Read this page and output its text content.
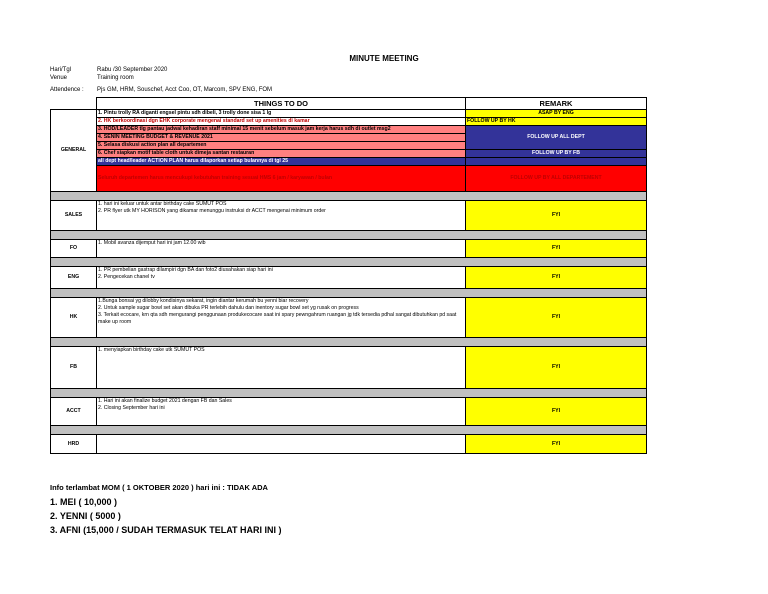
MINUTE MEETING
Hari/Tgl	Rabu /30 September 2020
Venue	Training room
Attendence : Pjs GM, HRM, Souschef, Acct Coo, OT, Marcom, SPV ENG, FOM
	THINGS TO DO	REMARK
GENERAL	1. Pintu trolly RA diganti engsel pintu sdh dibeli, 3 trolly done sisa 1 lg	ASAP BY ENG
	2. HK berkoordinasi dgn EHK corporate mengenai standard set up amenities di kamar	FOLLOW UP BY HK
	3. HOD/LEADER tlg pantau jadwal kehadiran staff minimal 15 menit sebelum masuk jam kerja harus sdh di outlet msg2	FOLLOW UP ALL DEPT
	4. SENIN MEETING BUDGET & REVENUE 2021	
	5. Selasa diskusi action plan all departemen	
	6. Chef siapkan motif table cloth untuk dimeja santan restauran	FOLLOW UP BY FB
	all dept head/leader ACTION PLAN harus dilaporkan setiap bulannya di tgl 25	
	Seluruh departemen harus mencukupi kebutuhan training sesuai HMS 6 jam / karyawan / bulan	FOLLOW UP BY ALL DEPARTEMENT

SALES	1. hari ini keluar untuk antar birthday cake SUMUT POS
2. PR flyer utk MY HORISON yang dikamar menunggu instruksi dr ACCT mengenai minimum order	FYI

FO	1. Mobil avanza dijemput hari ini jam 12.00 wib	FYI

ENG	1. PR pembelian gastrap dilampiri dgn BA dan foto2 diusahakan siap hari ini
2. Pengecekan chanel tv	FYI

HK	1.Bunga bonsai yg dilobby kondisinya sekarat, ingin diantar kerumah bu yenni biar recovery
2. Untuk sample sugar bowl set akan dibuka PR terlebih dahulu dan inentory sugar bowl set yg rusak on progress
3. Terkait ecocare, krn qta sdh mengurangi penggunaan produkecocare saat ini spary pewngahrum ruangan jg tdk tersedia pdhal sangat dibutuhkan pd saat make up room	FYI

FB	1. menyiapkan birthday cake utk SUMUT POS	FYI

ACCT	1. Hari ini akan finalize budget 2021 dengan FB dan Sales
2. Closing September hari ini	FYI

HRD		FYI
Info terlambat MOM ( 1 OKTOBER 2020 ) hari ini : TIDAK ADA
1. MEI ( 10,000 )
2. YENNI ( 5000 )
3. AFNI (15,000 / SUDAH TERMASUK TELAT HARI INI )
